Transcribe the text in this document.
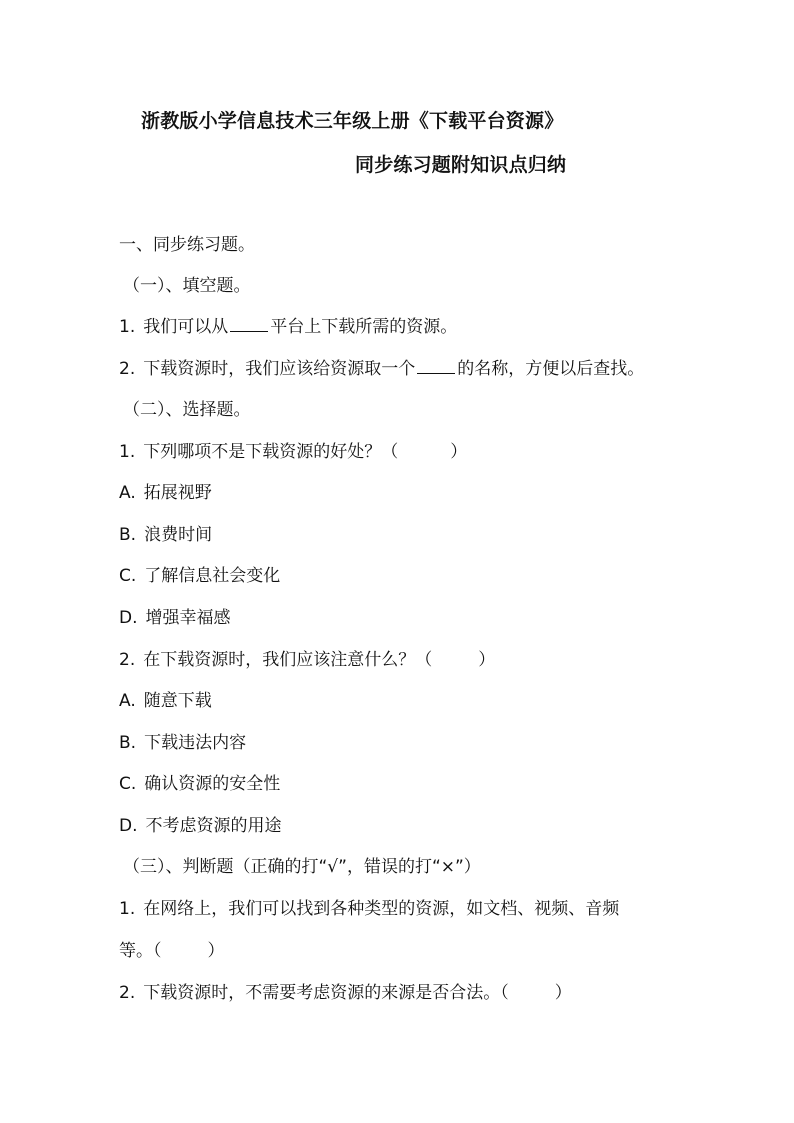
浙教版小学信息技术三年级上册《下载平台资源》
同步练习题附知识点归纳
一、同步练习题。
（一）、填空题。
1. 我们可以从 平台上下载所需的资源。
2. 下载资源时，我们应该给资源取一个 的名称，方便以后查找。
（二）、选择题。
1. 下列哪项不是下载资源的好处？（	）
A. 拓展视野
B. 浪费时间
C. 了解信息社会变化
D. 增强幸福感
2. 在下载资源时，我们应该注意什么？（	）
A. 随意下载
B. 下载违法内容
C. 确认资源的安全性
D. 不考虑资源的用途
（三）、判断题（正确的打“√”，错误的打“×”）
1. 在网络上，我们可以找到各种类型的资源，如文档、视频、音频
等。（	）
2. 下载资源时，不需要考虑资源的来源是否合法。（	）
